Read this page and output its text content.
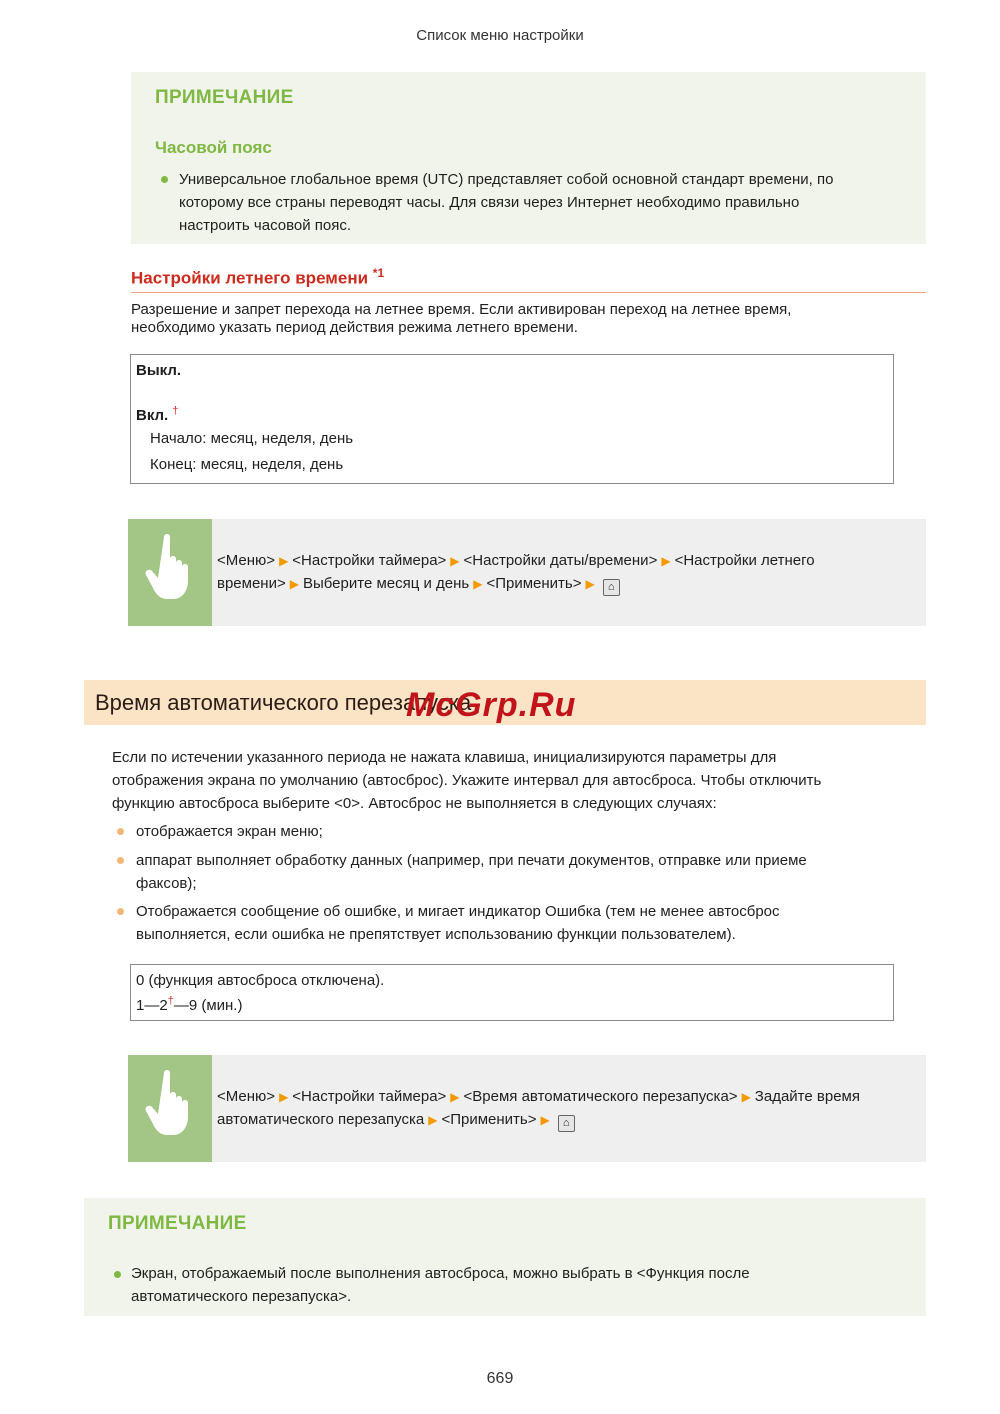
Список меню настройки
ПРИМЕЧАНИЕ
Часовой пояс
Универсальное глобальное время (UTC) представляет собой основной стандарт времени, по
которому все страны переводят часы. Для связи через Интернет необходимо правильно
настроить часовой пояс.
Настройки летнего времени $^{*1}$
Разрешение и запрет перехода на летнее время. Если активирован переход на летнее время,
необходимо указать период действия режима летнего времени.
Выкл.
Вкл. †
Начало: месяц, неделя, день
Конец: месяц, неделя, день
<Меню> ▶ <Настройки таймера> ▶ <Настройки даты/времени> ▶ <Настройки летнего
времени> ▶ Выберите месяц и день ▶ <Применить> ▶ ⌂
Время автоматического перезапуска
McGrp.Ru
Если по истечении указанного периода не нажата клавиша, инициализируются параметры для
отображения экрана по умолчанию (автосброс). Укажите интервал для автосброса. Чтобы отключить
функцию автосброса выберите <0>. Автосброс не выполняется в следующих случаях:
отображается экран меню;
аппарат выполняет обработку данных (например, при печати документов, отправке или приеме
факсов);
Отображается сообщение об ошибке, и мигает индикатор Ошибка (тем не менее автосброс
выполняется, если ошибка не препятствует использованию функции пользователем).
0 (функция автосброса отключена).
1—2†—9 (мин.)
<Меню> ▶ <Настройки таймера> ▶ <Время автоматического перезапуска> ▶ Задайте время
автоматического перезапуска ▶ <Применить> ▶ ⌂
ПРИМЕЧАНИЕ
Экран, отображаемый после выполнения автосброса, можно выбрать в <Функция после
автоматического перезапуска>.
669
